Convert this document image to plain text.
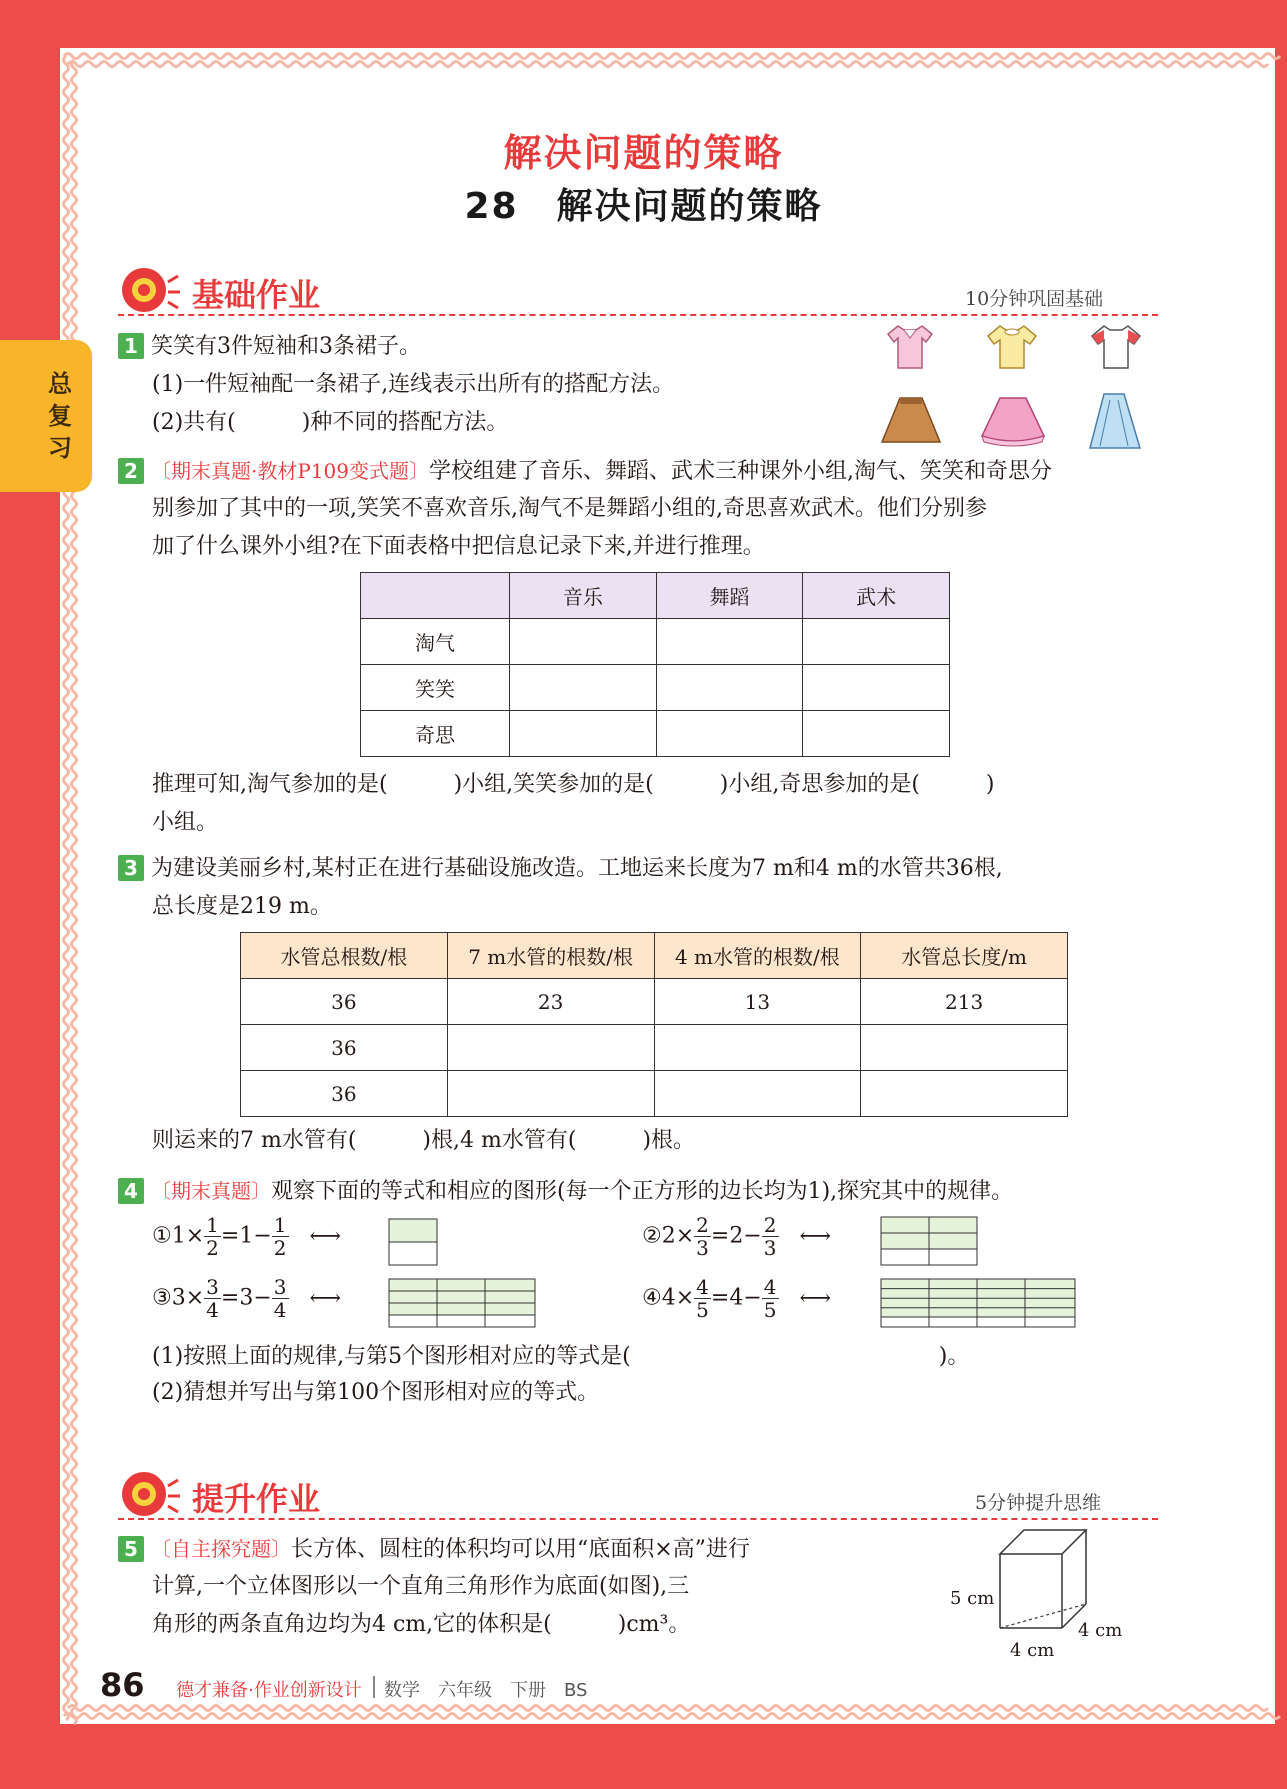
总复习
解决问题的策略
28　解决问题的策略
基础作业	10分钟巩固基础
1 笑笑有3件短袖和3条裙子。
(1)一件短袖配一条裙子,连线表示出所有的搭配方法。
(2)共有(　　　)种不同的搭配方法。
2 〔期末真题·教材P109变式题〕学校组建了音乐、舞蹈、武术三种课外小组,淘气、笑笑和奇思分
别参加了其中的一项,笑笑不喜欢音乐,淘气不是舞蹈小组的,奇思喜欢武术。他们分别参
加了什么课外小组?在下面表格中把信息记录下来,并进行推理。
	音乐	舞蹈	武术
淘气			
笑笑			
奇思			
推理可知,淘气参加的是(　　　)小组,笑笑参加的是(　　　)小组,奇思参加的是(　　　)
小组。
3 为建设美丽乡村,某村正在进行基础设施改造。工地运来长度为7 m和4 m的水管共36根,
总长度是219 m。
水管总根数/根	7 m水管的根数/根	4 m水管的根数/根	水管总长度/m
36	23	13	213
36			
36			
则运来的7 m水管有(　　　)根,4 m水管有(　　　)根。
4 〔期末真题〕观察下面的等式和相应的图形(每一个正方形的边长均为1),探究其中的规律。
①1× $\frac{1}{2} =1- \frac{1}{2}$ ⟷	②2× $\frac{2}{3} =2- \frac{2}{3}$ ⟷
③3× $\frac{3}{4} =3- \frac{3}{4}$ ⟷	④4× $\frac{4}{5} =4- \frac{4}{5}$ ⟷
(1)按照上面的规律,与第5个图形相对应的等式是(　　　　　　　　　　　　　　)。
(2)猜想并写出与第100个图形相对应的等式。
提升作业	5分钟提升思维
5 〔自主探究题〕长方体、圆柱的体积均可以用“底面积×高”进行
计算,一个立体图形以一个直角三角形作为底面(如图),三
角形的两条直角边均为4 cm,它的体积是(　　　)cm³。
5 cm
4 cm
4 cm
86 德才兼备·作业创新设计 数学　六年级　下册　BS
